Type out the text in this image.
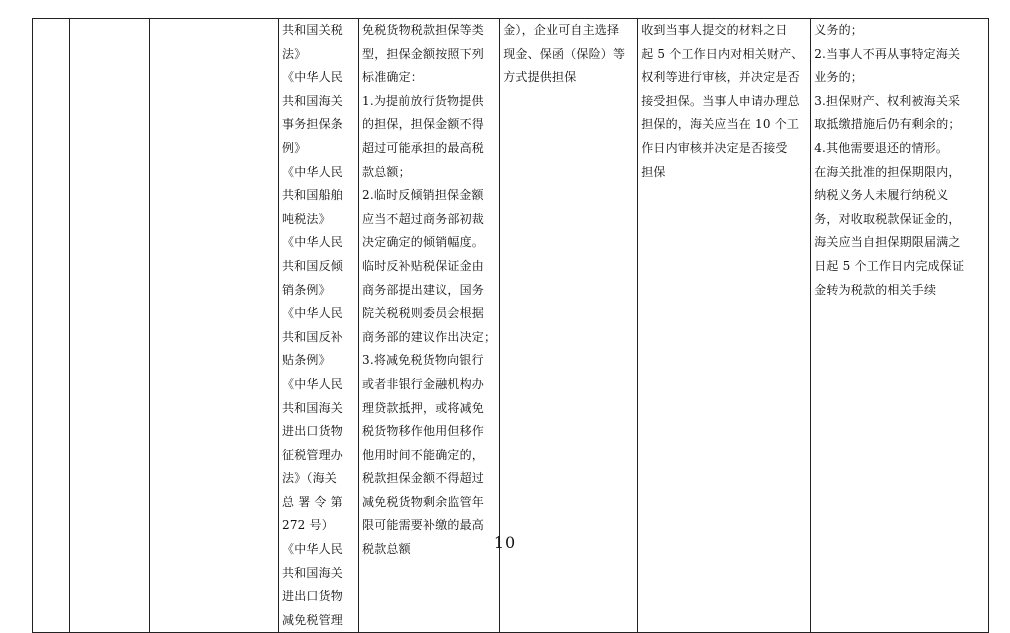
共和国关税
法》
《中华人民
共和国海关
事务担保条
例》
《中华人民
共和国船舶
吨税法》
《中华人民
共和国反倾
销条例》
《中华人民
共和国反补
贴条例》
《中华人民
共和国海关
进出口货物
征税管理办
法》（海关
总 署 令 第
272 号）
《中华人民
共和国海关
进出口货物
减免税管理

免税货物税款担保等类
型，担保金额按照下列
标准确定：
1.为提前放行货物提供
的担保，担保金额不得
超过可能承担的最高税
款总额；
2.临时反倾销担保金额
应当不超过商务部初裁
决定确定的倾销幅度。
临时反补贴税保证金由
商务部提出建议，国务
院关税税则委员会根据
商务部的建议作出决定；
3.将减免税货物向银行
或者非银行金融机构办
理贷款抵押，或将减免
税货物移作他用但移作
他用时间不能确定的，
税款担保金额不得超过
减免税货物剩余监管年
限可能需要补缴的最高
税款总额

金），企业可自主选择
现金、保函（保险）等
方式提供担保

收到当事人提交的材料之日
起 5 个工作日内对相关财产、
权利等进行审核，并决定是否
接受担保。当事人申请办理总
担保的，海关应当在 10 个工
作日内审核并决定是否接受
担保

义务的；
2.当事人不再从事特定海关
业务的；
3.担保财产、权利被海关采
取抵缴措施后仍有剩余的；
4.其他需要退还的情形。
在海关批准的担保期限内，
纳税义务人未履行纳税义
务，对收取税款保证金的，
海关应当自担保期限届满之
日起 5 个工作日内完成保证
金转为税款的相关手续
10
